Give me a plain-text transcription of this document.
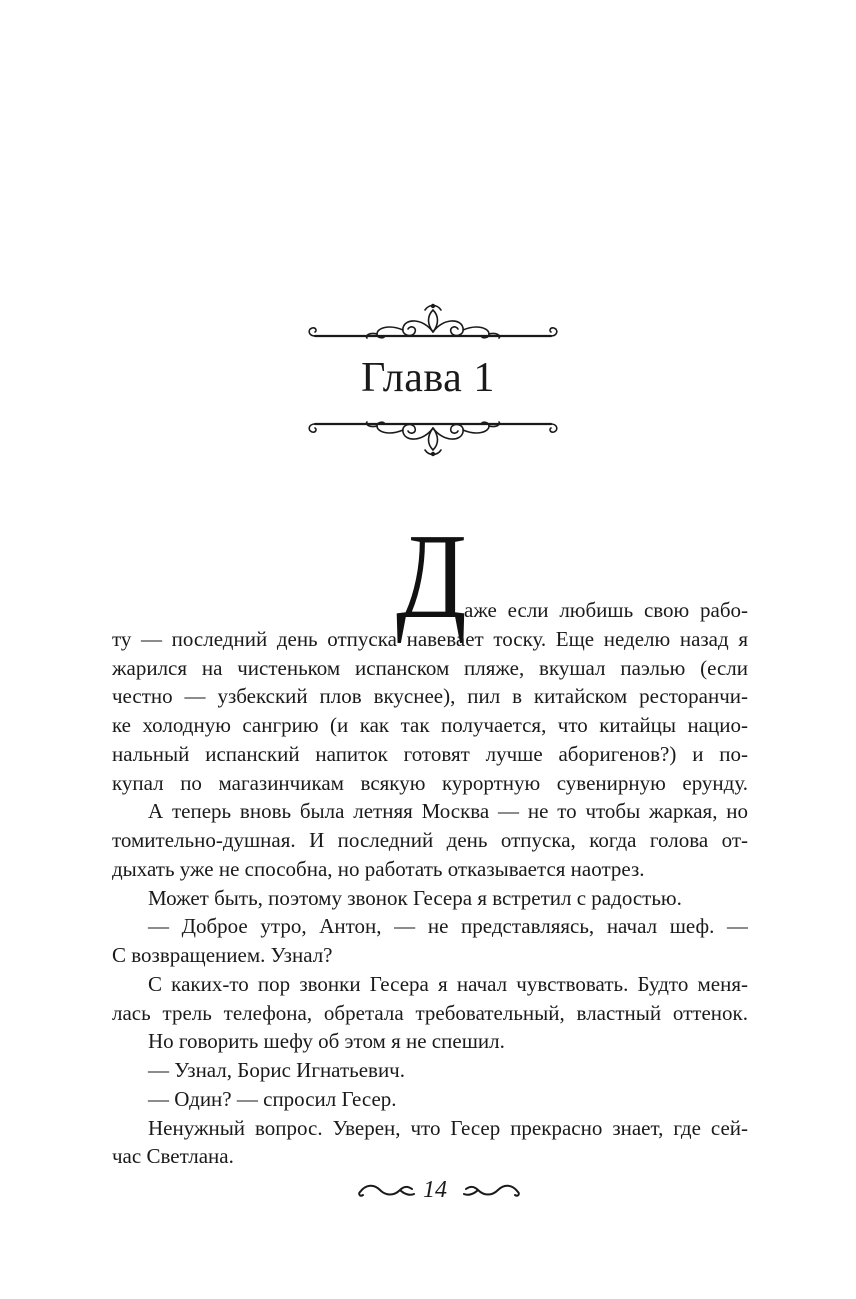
Глава 1
Д
аже если любишь свою рабо-
ту — последний день отпуска навевает тоску. Еще неделю назад я
жарился на чистеньком испанском пляже, вкушал паэлью (если
честно — узбекский плов вкуснее), пил в китайском ресторанчи-
ке холодную сангрию (и как так получается, что китайцы нацио-
нальный испанский напиток готовят лучше аборигенов?) и по-
купал по магазинчикам всякую курортную сувенирную ерунду.
А теперь вновь была летняя Москва — не то чтобы жаркая, но
томительно-душная. И последний день отпуска, когда голова от-
дыхать уже не способна, но работать отказывается наотрез.
Может быть, поэтому звонок Гесера я встретил с радостью.
— Доброе утро, Антон, — не представляясь, начал шеф. —
С возвращением. Узнал?
С каких-то пор звонки Гесера я начал чувствовать. Будто меня-
лась трель телефона, обретала требовательный, властный оттенок.
Но говорить шефу об этом я не спешил.
— Узнал, Борис Игнатьевич.
— Один? — спросил Гесер.
Ненужный вопрос. Уверен, что Гесер прекрасно знает, где сей-
час Светлана.
14
